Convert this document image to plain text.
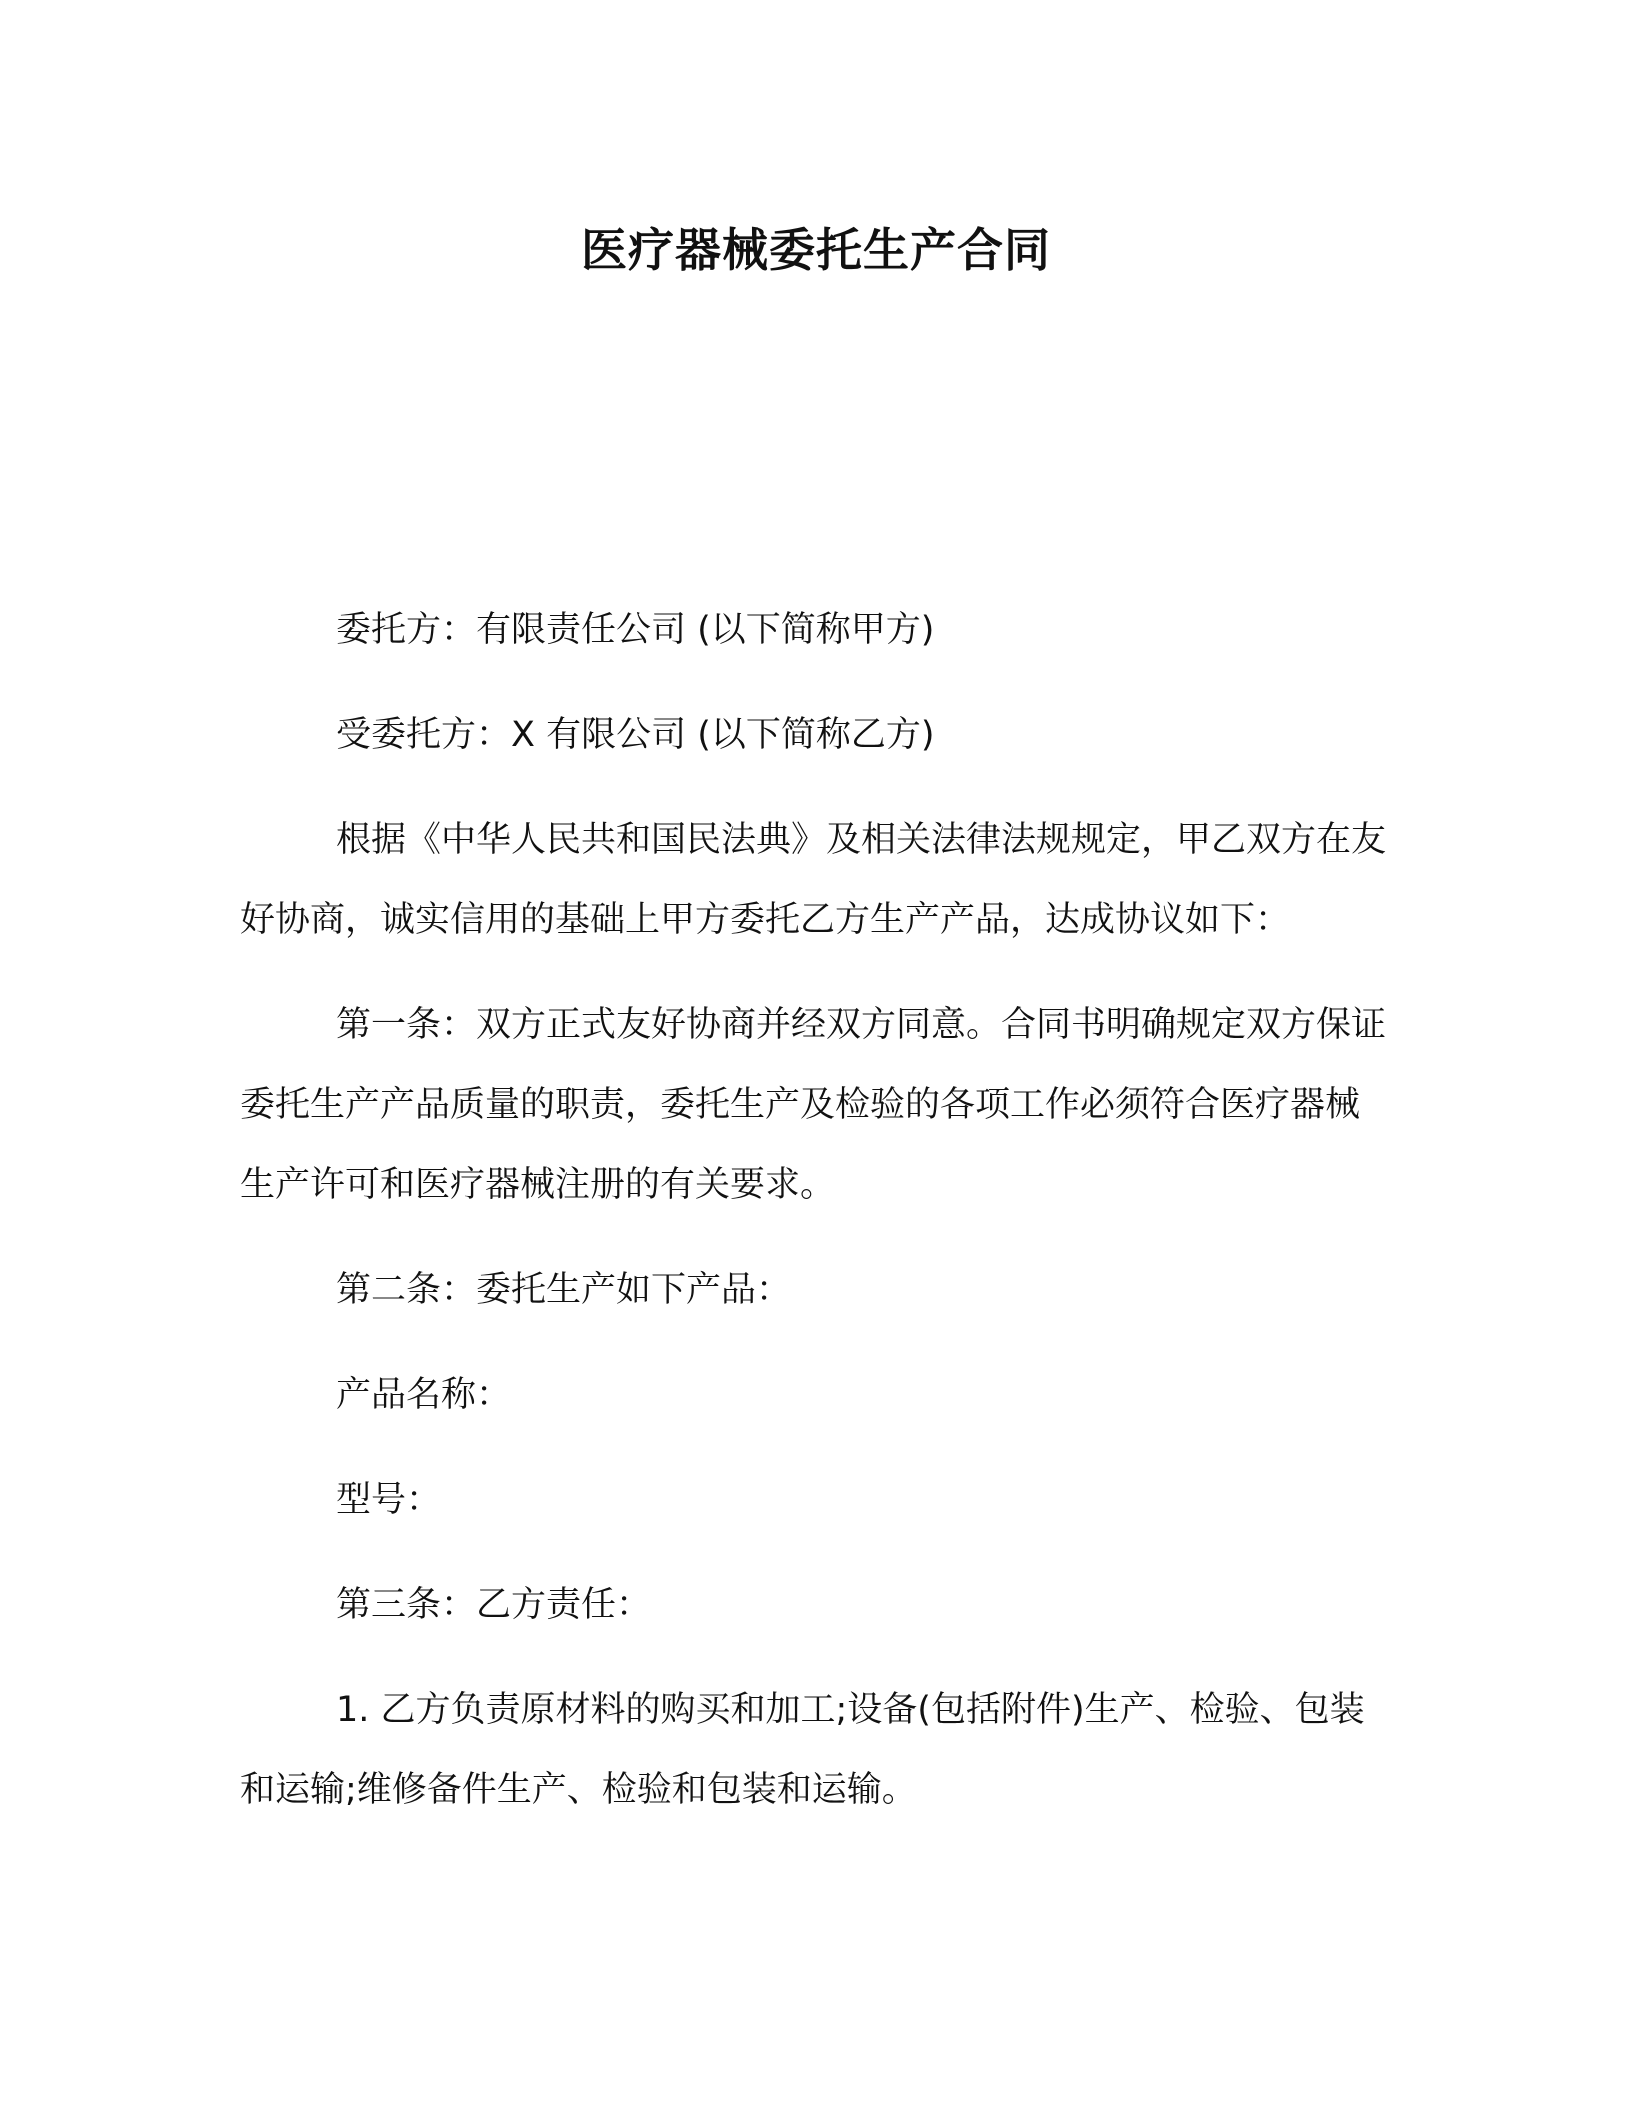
医疗器械委托生产合同

委托方：有限责任公司 (以下简称甲方)

受委托方：X 有限公司 (以下简称乙方)

根据《中华人民共和国民法典》及相关法律法规规定，甲乙双方在友好协商，诚实信用的基础上甲方委托乙方生产产品，达成协议如下：

第一条：双方正式友好协商并经双方同意。合同书明确规定双方保证委托生产产品质量的职责，委托生产及检验的各项工作必须符合医疗器械生产许可和医疗器械注册的有关要求。

第二条：委托生产如下产品：

产品名称：

型号：

第三条：乙方责任：

1. 乙方负责原材料的购买和加工;设备(包括附件)生产、检验、包装和运输;维修备件生产、检验和包装和运输。
